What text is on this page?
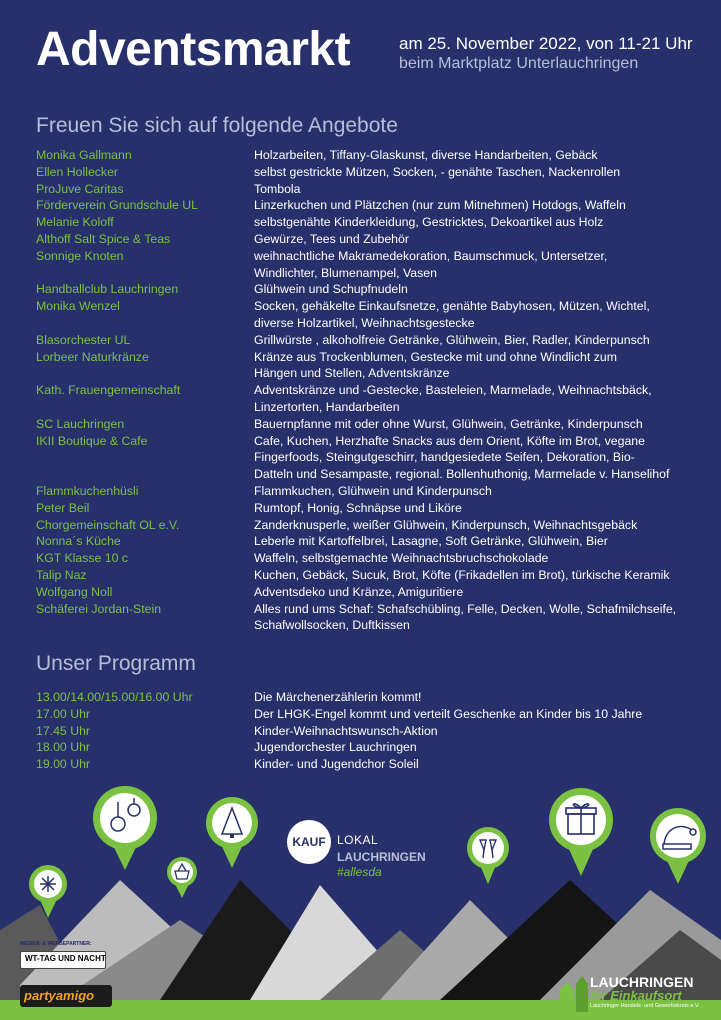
Adventsmarkt	am 25. November 2022, von 11-21 Uhr
beim Marktplatz Unterlauchringen
Freuen Sie sich auf folgende Angebote
Monika Gallmann	Holzarbeiten, Tiffany-Glaskunst, diverse Handarbeiten, Gebäck
Ellen Hollecker	selbst gestrickte Mützen, Socken, - genähte Taschen, Nackenrollen
ProJuve Caritas	Tombola
Förderverein Grundschule UL	Linzerkuchen und Plätzchen (nur zum Mitnehmen) Hotdogs, Waffeln
Melanie Koloff	selbstgenähte Kinderkleidung, Gestricktes, Dekoartikel aus Holz
Althoff Salt Spice & Teas	Gewürze, Tees und Zubehör
Sonnige Knoten	weihnachtliche Makramedekoration, Baumschmuck, Untersetzer,
Windlichter, Blumenampel, Vasen
Handballclub Lauchringen	Glühwein und Schupfnudeln
Monika Wenzel	Socken, gehäkelte Einkaufsnetze, genähte Babyhosen, Mützen, Wichtel,
diverse Holzartikel, Weihnachtsgestecke
Blasorchester UL	Grillwürste , alkoholfreie Getränke, Glühwein, Bier, Radler, Kinderpunsch
Lorbeer Naturkränze	Kränze aus Trockenblumen, Gestecke mit und ohne Windlicht zum
Hängen und Stellen, Adventskränze
Kath. Frauengemeinschaft	Adventskränze und -Gestecke, Basteleien, Marmelade, Weihnachtsbäck,
Linzertorten, Handarbeiten
SC Lauchringen	Bauernpfanne mit oder ohne Wurst, Glühwein, Getränke, Kinderpunsch
IKII Boutique & Cafe	Cafe, Kuchen, Herzhafte Snacks aus dem Orient, Köfte im Brot, vegane
Fingerfoods, Steingutgeschirr, handgesiedete Seifen, Dekoration, Bio-
Datteln und Sesampaste, regional. Bollenhuthonig, Marmelade v. Hanselihof
Flammkuchenhüsli	Flammkuchen, Glühwein und Kinderpunsch
Peter Beil	Rumtopf, Honig, Schnäpse und Liköre
Chorgemeinschaft OL e.V.	Zanderknusperle, weißer Glühwein, Kinderpunsch, Weihnachtsgebäck
Nonna´s Küche	Leberle mit Kartoffelbrei, Lasagne, Soft Getränke, Glühwein, Bier
KGT Klasse 10 c	Waffeln, selbstgemachte Weihnachtsbruchschokolade
Talip Naz	Kuchen, Gebäck, Sucuk, Brot, Köfte (Frikadellen im Brot), türkische Keramik
Wolfgang Noll	Adventsdeko und Kränze, Amiguritiere
Schäferei Jordan-Stein	Alles rund ums Schaf: Schafschübling, Felle, Decken, Wolle, Schafmilchseife,
Schafwollsocken, Duftkissen
Unser Programm
13.00/14.00/15.00/16.00 Uhr	Die Märchenerzählerin kommt!
17.00 Uhr	Der LHGK-Engel kommt und verteilt Geschenke an Kinder bis 10 Jahre
17.45 Uhr	Kinder-Weihnachtswunsch-Aktion
18.00 Uhr	Jugendorchester Lauchringen
19.00 Uhr	Kinder- und Jugendchor Soleil
KAUF LOKAL
LAUCHRINGEN
#allesda
MEDIEN- & WERBEPARTNER:
WT-TAG UND NACHT
partyamigo
LAUCHRINGEN
Ihr Einkaufsort
Lauchringer Handels- und Gewerbekreis e.V.
